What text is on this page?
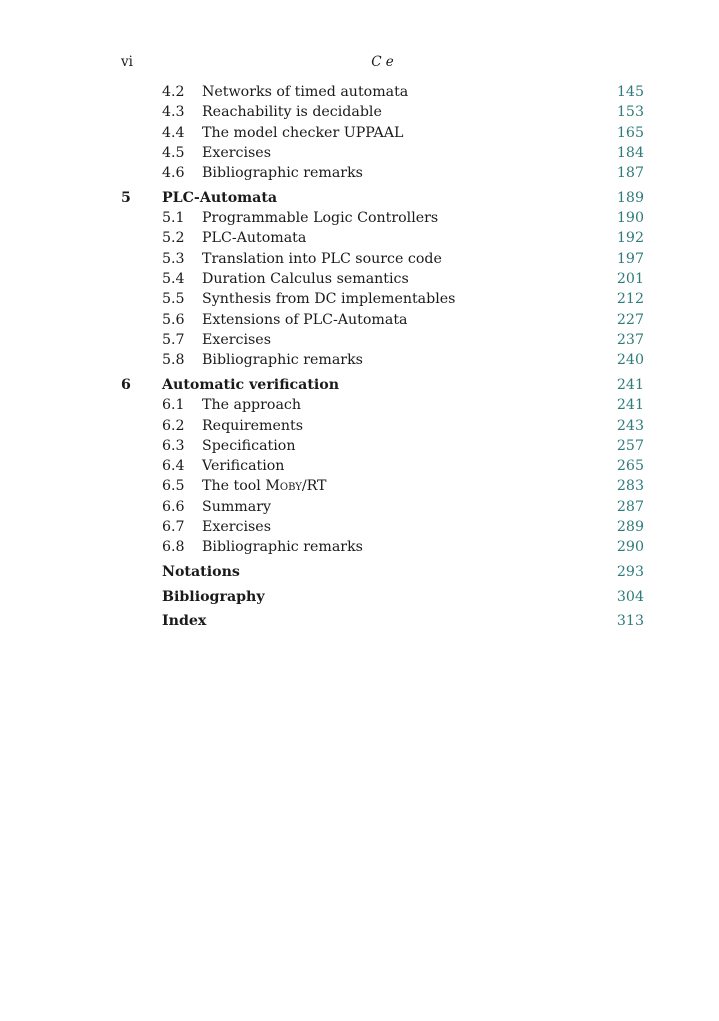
vi	C e
4.2 Networks of timed automata	145
4.3 Reachability is decidable	153
4.4 The model checker UPPAAL	165
4.5 Exercises	184
4.6 Bibliographic remarks	187
5 PLC-Automata	189
5.1 Programmable Logic Controllers	190
5.2 PLC-Automata	192
5.3 Translation into PLC source code	197
5.4 Duration Calculus semantics	201
5.5 Synthesis from DC implementables	212
5.6 Extensions of PLC-Automata	227
5.7 Exercises	237
5.8 Bibliographic remarks	240
6 Automatic verification	241
6.1 The approach	241
6.2 Requirements	243
6.3 Specification	257
6.4 Verification	265
6.5 The tool Moby/RT	283
6.6 Summary	287
6.7 Exercises	289
6.8 Bibliographic remarks	290
Notations	293
Bibliography	304
Index	313
